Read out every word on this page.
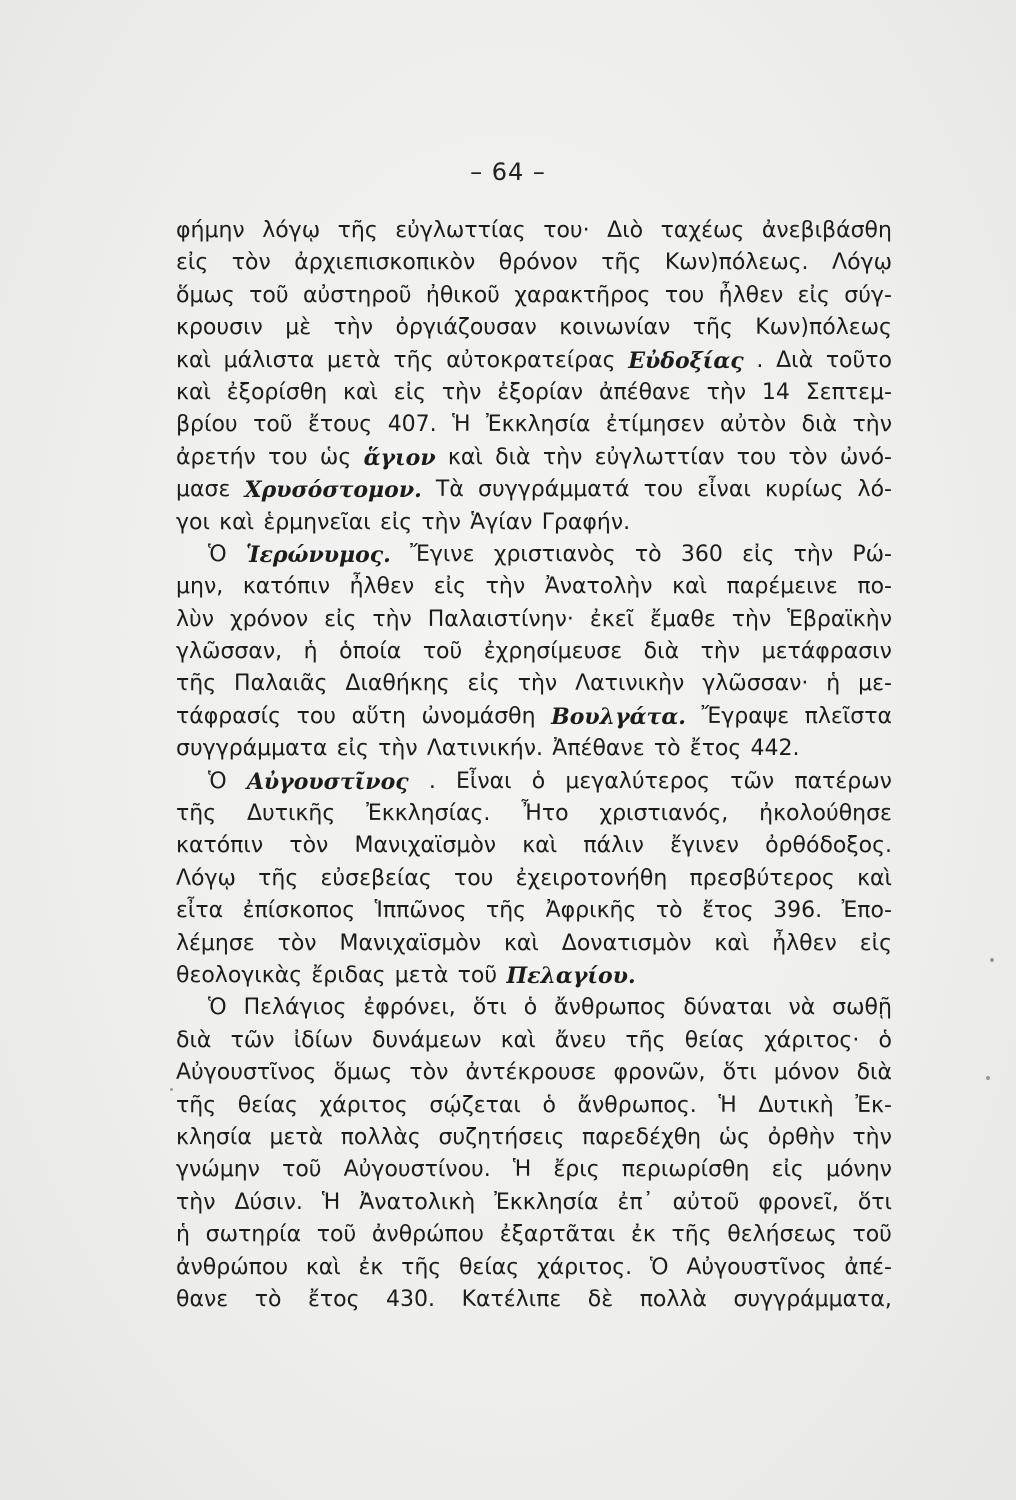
– 64 –
φήμην λόγῳ τῆς εὐγλωττίας του· Διὸ ταχέως ἀνεβιβάσθη
εἰς τὸν ἀρχιεπισκοπικὸν θρόνον τῆς Κων)πόλεως. Λόγῳ
ὅμως τοῦ αὐστηροῦ ἠθικοῦ χαρακτῆρος του ἦλθεν εἰς σύγ-
κρουσιν μὲ τὴν ὀργιάζουσαν κοινωνίαν τῆς Κων)πόλεως
καὶ μάλιστα μετὰ τῆς αὐτοκρατείρας Εὐδοξίας . Διὰ τοῦτο
καὶ ἐξορίσθη καὶ εἰς τὴν ἐξορίαν ἀπέθανε τὴν 14 Σεπτεμ-
βρίου τοῦ ἔτους 407. Ἡ Ἐκκλησία ἐτίμησεν αὐτὸν διὰ τὴν
ἀρετήν του ὡς ἅγιον καὶ διὰ τὴν εὐγλωττίαν του τὸν ὠνό-
μασε Χρυσόστομον. Τὰ συγγράμματά του εἶναι κυρίως λό-
γοι καὶ ἑρμηνεῖαι εἰς τὴν Ἁγίαν Γραφήν.
Ὁ Ἱερώνυμος. Ἔγινε χριστιανὸς τὸ 360 εἰς τὴν Ρώ-
μην, κατόπιν ἦλθεν εἰς τὴν Ἀνατολὴν καὶ παρέμεινε πο-
λὺν χρόνον εἰς τὴν Παλαιστίνην· ἐκεῖ ἔμαθε τὴν Ἑβραϊκὴν
γλῶσσαν, ἡ ὁποία τοῦ ἐχρησίμευσε διὰ τὴν μετάφρασιν
τῆς Παλαιᾶς Διαθήκης εἰς τὴν Λατινικὴν γλῶσσαν· ἡ με-
τάφρασίς του αὕτη ὠνομάσθη Βουλγάτα. Ἔγραψε πλεῖστα
συγγράμματα εἰς τὴν Λατινικήν. Ἀπέθανε τὸ ἔτος 442.
Ὁ Αὐγουστῖνος . Εἶναι ὁ μεγαλύτερος τῶν πατέρων
τῆς Δυτικῆς Ἐκκλησίας. Ἦτο χριστιανός, ἠκολούθησε
κατόπιν τὸν Μανιχαϊσμὸν καὶ πάλιν ἔγινεν ὀρθόδοξος.
Λόγῳ τῆς εὐσεβείας του ἐχειροτονήθη πρεσβύτερος καὶ
εἶτα ἐπίσκοπος Ἱππῶνος τῆς Ἀφρικῆς τὸ ἔτος 396. Ἐπο-
λέμησε τὸν Μανιχαϊσμὸν καὶ Δονατισμὸν καὶ ἦλθεν εἰς
θεολογικὰς ἔριδας μετὰ τοῦ Πελαγίου.
Ὁ Πελάγιος ἐφρόνει, ὅτι ὁ ἄνθρωπος δύναται νὰ σωθῇ
διὰ τῶν ἰδίων δυνάμεων καὶ ἄνευ τῆς θείας χάριτος· ὁ
Αὐγουστῖνος ὅμως τὸν ἀντέκρουσε φρονῶν, ὅτι μόνον διὰ
τῆς θείας χάριτος σῴζεται ὁ ἄνθρωπος. Ἡ Δυτικὴ Ἐκ-
κλησία μετὰ πολλὰς συζητήσεις παρεδέχθη ὡς ὀρθὴν τὴν
γνώμην τοῦ Αὐγουστίνου. Ἡ ἔρις περιωρίσθη εἰς μόνην
τὴν Δύσιν. Ἡ Ἀνατολικὴ Ἐκκλησία ἐπ᾽ αὐτοῦ φρονεῖ, ὅτι
ἡ σωτηρία τοῦ ἀνθρώπου ἐξαρτᾶται ἐκ τῆς θελήσεως τοῦ
ἀνθρώπου καὶ ἐκ τῆς θείας χάριτος. Ὁ Αὐγουστῖνος ἀπέ-
θανε τὸ ἔτος 430. Κατέλιπε δὲ πολλὰ συγγράμματα,
